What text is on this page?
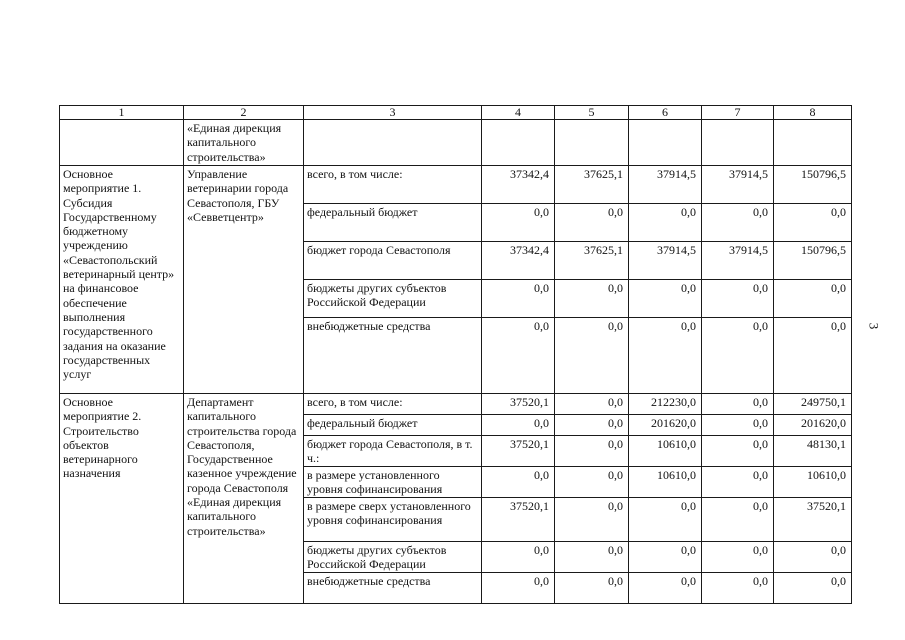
1	2	3	4	5	6	7	8
	«Единая дирекция капитального строительства»						
Основное мероприятие 1. Субсидия Государственному бюджетному учреждению «Севастопольский ветеринарный центр» на финансовое обеспечение выполнения государственного задания на оказание государственных услуг	Управление ветеринарии города Севастополя, ГБУ «Севветцентр»	всего, в том числе:	37342,4	37625,1	37914,5	37914,5	150796,5
		федеральный бюджет	0,0	0,0	0,0	0,0	0,0
		бюджет города Севастополя	37342,4	37625,1	37914,5	37914,5	150796,5
		бюджеты других субъектов Российской Федерации	0,0	0,0	0,0	0,0	0,0
		внебюджетные средства	0,0	0,0	0,0	0,0	0,0
Основное мероприятие 2. Строительство объектов ветеринарного назначения	Департамент капитального строительства города Севастополя, Государственное казенное учреждение города Севастополя «Единая дирекция капитального строительства»	всего, в том числе:	37520,1	0,0	212230,0	0,0	249750,1
		федеральный бюджет	0,0	0,0	201620,0	0,0	201620,0
		бюджет города Севастополя, в т. ч.:	37520,1	0,0	10610,0	0,0	48130,1
		в размере установленного уровня софинансирования	0,0	0,0	10610,0	0,0	10610,0
		в размере сверх установленного уровня софинансирования	37520,1	0,0	0,0	0,0	37520,1
		бюджеты других субъектов Российской Федерации	0,0	0,0	0,0	0,0	0,0
		внебюджетные средства	0,0	0,0	0,0	0,0	0,0
3
